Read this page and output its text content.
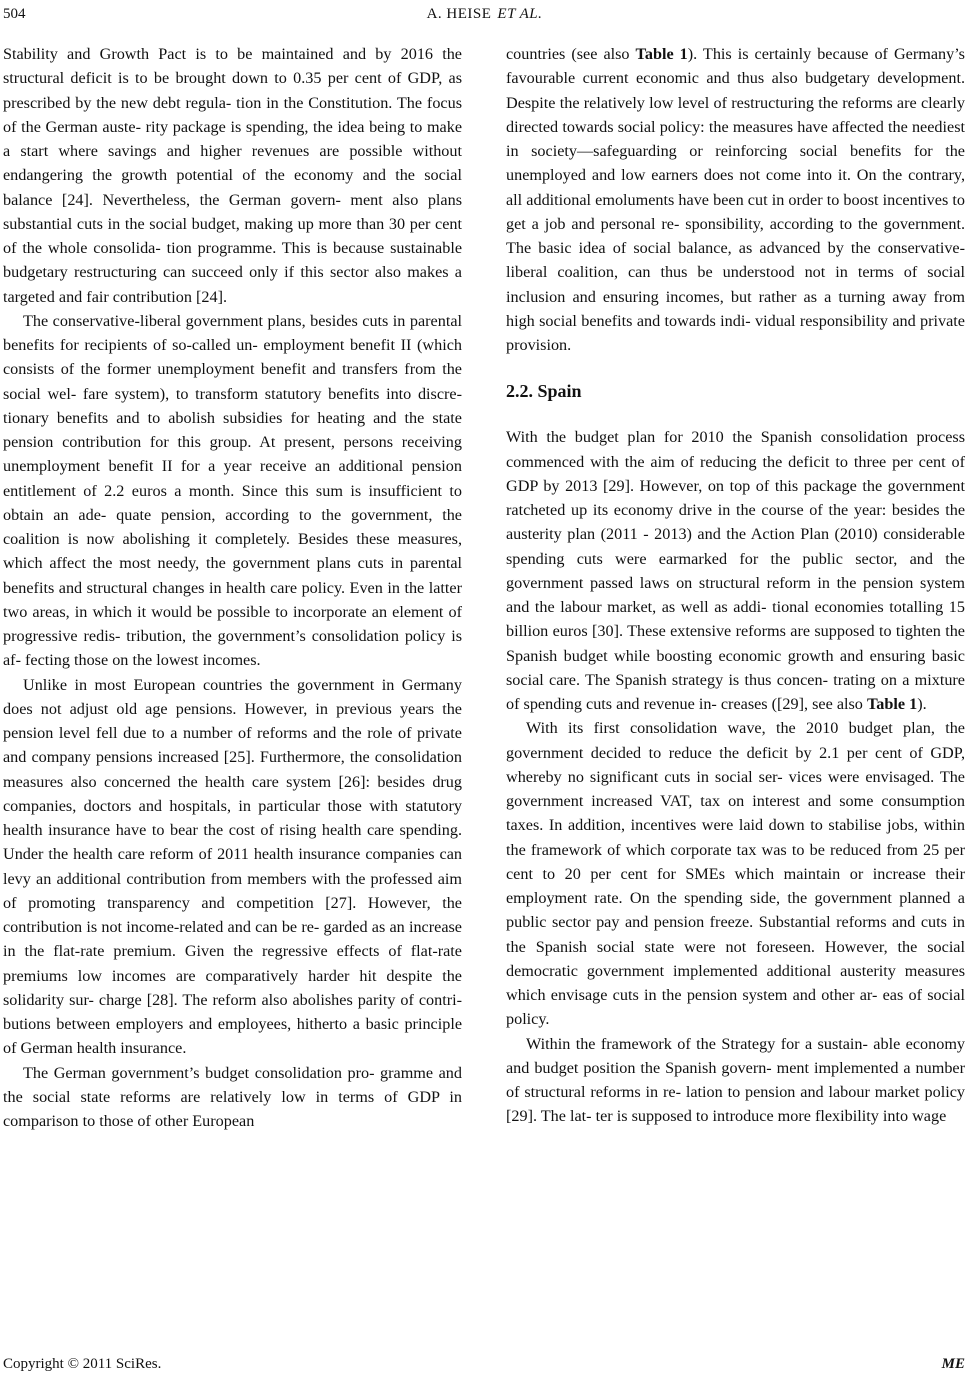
504	A. HEISE ET AL.

Stability and Growth Pact is to be maintained and by 2016 the structural deficit is to be brought down to 0.35 per cent of GDP, as prescribed by the new debt regula- tion in the Constitution. The focus of the German auste- rity package is spending, the idea being to make a start where savings and higher revenues are possible without endangering the growth potential of the economy and the social balance [24]. Nevertheless, the German govern- ment also plans substantial cuts in the social budget, making up more than 30 per cent of the whole consolida- tion programme. This is because sustainable budgetary restructuring can succeed only if this sector also makes a targeted and fair contribution [24].

The conservative-liberal government plans, besides cuts in parental benefits for recipients of so-called un- employment benefit II (which consists of the former unemployment benefit and transfers from the social wel- fare system), to transform statutory benefits into discre- tionary benefits and to abolish subsidies for heating and the state pension contribution for this group. At present, persons receiving unemployment benefit II for a year receive an additional pension entitlement of 2.2 euros a month. Since this sum is insufficient to obtain an ade- quate pension, according to the government, the coalition is now abolishing it completely. Besides these measures, which affect the most needy, the government plans cuts in parental benefits and structural changes in health care policy. Even in the latter two areas, in which it would be possible to incorporate an element of progressive redis- tribution, the government’s consolidation policy is af- fecting those on the lowest incomes.

Unlike in most European countries the government in Germany does not adjust old age pensions. However, in previous years the pension level fell due to a number of reforms and the role of private and company pensions increased [25]. Furthermore, the consolidation measures also concerned the health care system [26]: besides drug companies, doctors and hospitals, in particular those with statutory health insurance have to bear the cost of rising health care spending. Under the health care reform of 2011 health insurance companies can levy an additional contribution from members with the professed aim of promoting transparency and competition [27]. However, the contribution is not income-related and can be re- garded as an increase in the flat-rate premium. Given the regressive effects of flat-rate premiums low incomes are comparatively harder hit despite the solidarity sur- charge [28]. The reform also abolishes parity of contri- butions between employers and employees, hitherto a basic principle of German health insurance.

The German government’s budget consolidation pro- gramme and the social state reforms are relatively low in terms of GDP in comparison to those of other European

countries (see also Table 1). This is certainly because of Germany’s favourable current economic and thus also budgetary development. Despite the relatively low level of restructuring the reforms are clearly directed towards social policy: the measures have affected the neediest in society—safeguarding or reinforcing social benefits for the unemployed and low earners does not come into it. On the contrary, all additional emoluments have been cut in order to boost incentives to get a job and personal re- sponsibility, according to the government. The basic idea of social balance, as advanced by the conservative-liberal coalition, can thus be understood not in terms of social inclusion and ensuring incomes, but rather as a turning away from high social benefits and towards indi- vidual responsibility and private provision.

2.2. Spain

With the budget plan for 2010 the Spanish consolidation process commenced with the aim of reducing the deficit to three per cent of GDP by 2013 [29]. However, on top of this package the government ratcheted up its economy drive in the course of the year: besides the austerity plan (2011 - 2013) and the Action Plan (2010) considerable spending cuts were earmarked for the public sector, and the government passed laws on structural reform in the pension system and the labour market, as well as addi- tional economies totalling 15 billion euros [30]. These extensive reforms are supposed to tighten the Spanish budget while boosting economic growth and ensuring basic social care. The Spanish strategy is thus concen- trating on a mixture of spending cuts and revenue in- creases ([29], see also Table 1).

With its first consolidation wave, the 2010 budget plan, the government decided to reduce the deficit by 2.1 per cent of GDP, whereby no significant cuts in social ser- vices were envisaged. The government increased VAT, tax on interest and some consumption taxes. In addition, incentives were laid down to stabilise jobs, within the framework of which corporate tax was to be reduced from 25 per cent to 20 per cent for SMEs which maintain or increase their employment rate. On the spending side, the government planned a public sector pay and pension freeze. Substantial reforms and cuts in the Spanish social state were not foreseen. However, the social democratic government implemented additional austerity measures which envisage cuts in the pension system and other ar- eas of social policy.

Within the framework of the Strategy for a sustain- able economy and budget position the Spanish govern- ment implemented a number of structural reforms in re- lation to pension and labour market policy [29]. The lat- ter is supposed to introduce more flexibility into wage

Copyright © 2011 SciRes.	ME
